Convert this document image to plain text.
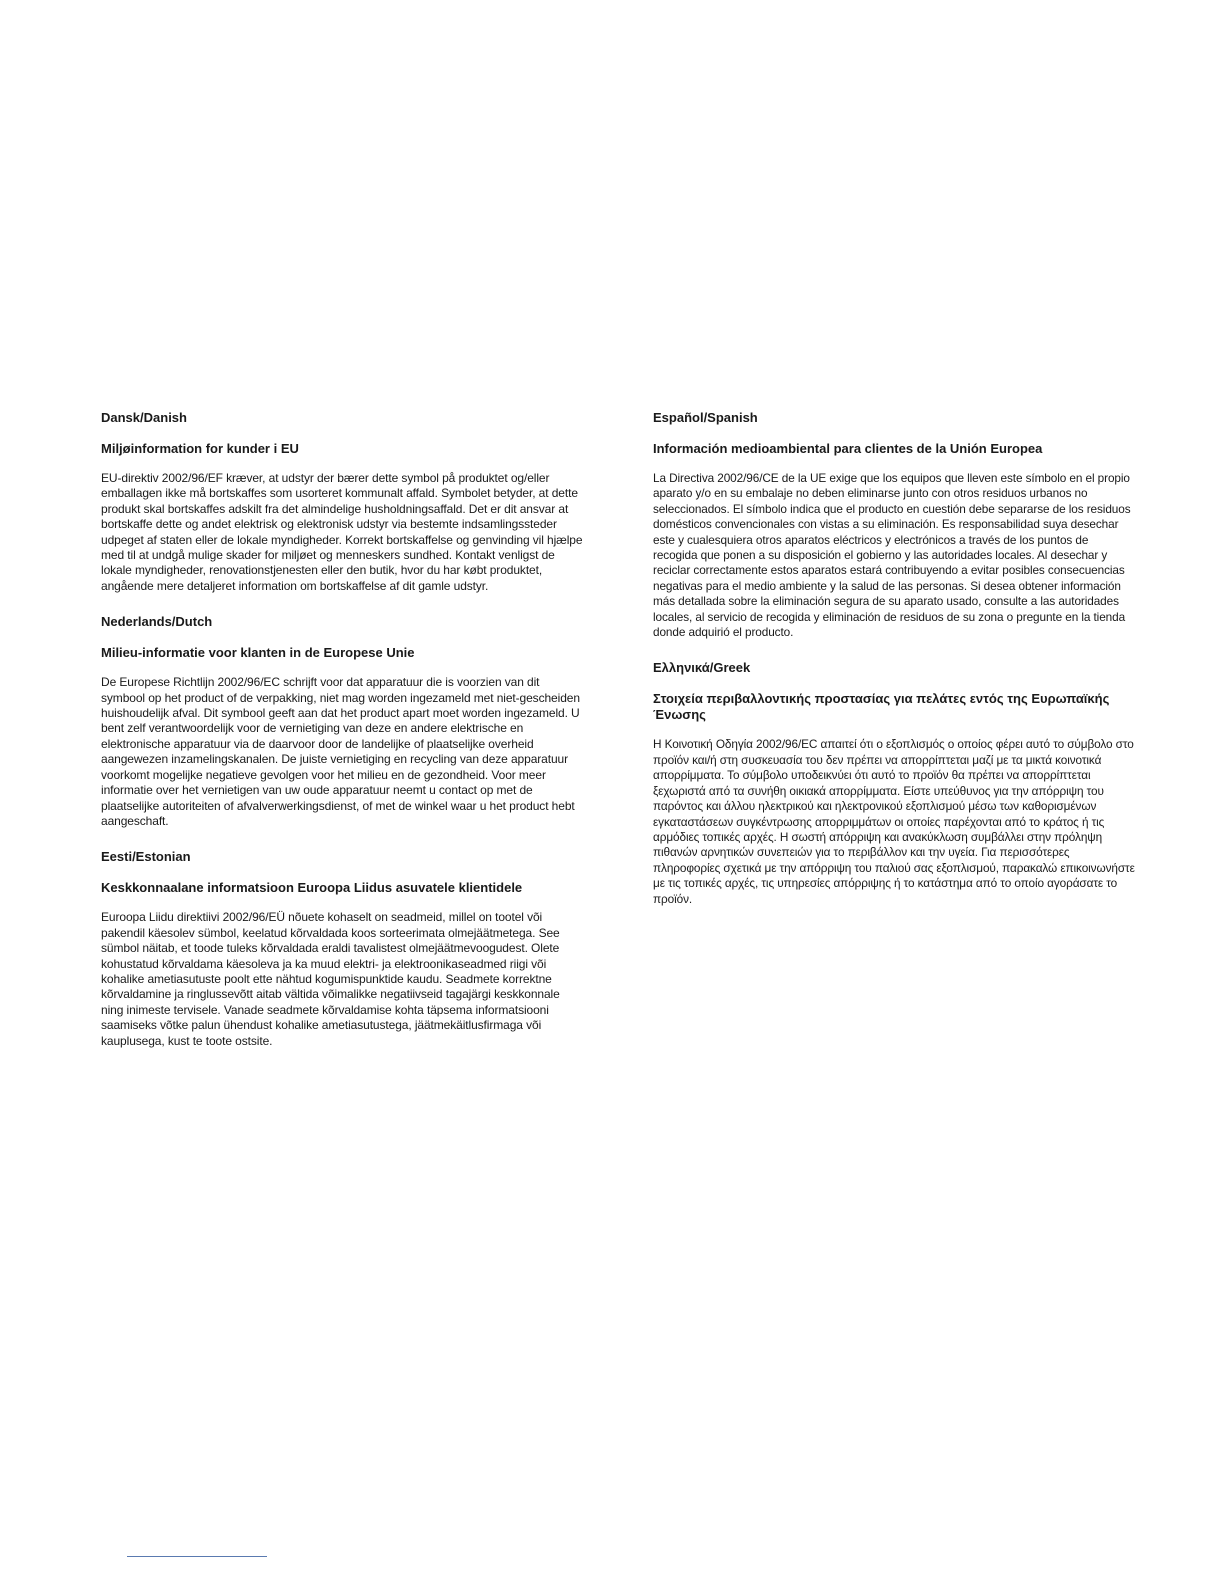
Dansk/Danish

Miljøinformation for kunder i EU

EU-direktiv 2002/96/EF kræver, at udstyr der bærer dette symbol på produktet og/eller emballagen ikke må bortskaffes som usorteret kommunalt affald. Symbolet betyder, at dette produkt skal bortskaffes adskilt fra det almindelige husholdningsaffald. Det er dit ansvar at bortskaffe dette og andet elektrisk og elektronisk udstyr via bestemte indsamlingssteder udpeget af staten eller de lokale myndigheder. Korrekt bortskaffelse og genvinding vil hjælpe med til at undgå mulige skader for miljøet og menneskers sundhed. Kontakt venligst de lokale myndigheder, renovationstjenesten eller den butik, hvor du har købt produktet, angående mere detaljeret information om bortskaffelse af dit gamle udstyr.

Nederlands/Dutch

Milieu-informatie voor klanten in de Europese Unie

De Europese Richtlijn 2002/96/EC schrijft voor dat apparatuur die is voorzien van dit symbool op het product of de verpakking, niet mag worden ingezameld met niet-gescheiden huishoudelijk afval. Dit symbool geeft aan dat het product apart moet worden ingezameld. U bent zelf verantwoordelijk voor de vernietiging van deze en andere elektrische en elektronische apparatuur via de daarvoor door de landelijke of plaatselijke overheid aangewezen inzamelingskanalen. De juiste vernietiging en recycling van deze apparatuur voorkomt mogelijke negatieve gevolgen voor het milieu en de gezondheid. Voor meer informatie over het vernietigen van uw oude apparatuur neemt u contact op met de plaatselijke autoriteiten of afvalverwerkingsdienst, of met de winkel waar u het product hebt aangeschaft.

Eesti/Estonian

Keskkonnaalane informatsioon Euroopa Liidus asuvatele klientidele

Euroopa Liidu direktiivi 2002/96/EÜ nõuete kohaselt on seadmeid, millel on tootel või pakendil käesolev sümbol, keelatud kõrvaldada koos sorteerimata olmejäätmetega. See sümbol näitab, et toode tuleks kõrvaldada eraldi tavalistest olmejäätmevoogudest. Olete kohustatud kõrvaldama käesoleva ja ka muud elektri- ja elektroonikaseadmed riigi või kohalike ametiasutuste poolt ette nähtud kogumispunktide kaudu. Seadmete korrektne kõrvaldamine ja ringlussevõtt aitab vältida võimalikke negatiivseid tagajärgi keskkonnale ning inimeste tervisele. Vanade seadmete kõrvaldamise kohta täpsema informatsiooni saamiseks võtke palun ühendust kohalike ametiasutustega, jäätmekäitlusfirmaga või kauplusega, kust te toote ostsite.

Español/Spanish

Información medioambiental para clientes de la Unión Europea

La Directiva 2002/96/CE de la UE exige que los equipos que lleven este símbolo en el propio aparato y/o en su embalaje no deben eliminarse junto con otros residuos urbanos no seleccionados. El símbolo indica que el producto en cuestión debe separarse de los residuos domésticos convencionales con vistas a su eliminación. Es responsabilidad suya desechar este y cualesquiera otros aparatos eléctricos y electrónicos a través de los puntos de recogida que ponen a su disposición el gobierno y las autoridades locales. Al desechar y reciclar correctamente estos aparatos estará contribuyendo a evitar posibles consecuencias negativas para el medio ambiente y la salud de las personas. Si desea obtener información más detallada sobre la eliminación segura de su aparato usado, consulte a las autoridades locales, al servicio de recogida y eliminación de residuos de su zona o pregunte en la tienda donde adquirió el producto.

Ελληνικά/Greek

Στοιχεία περιβαλλοντικής προστασίας για πελάτες εντός της Ευρωπαϊκής Ένωσης

Η Κοινοτική Οδηγία 2002/96/EC απαιτεί ότι ο εξοπλισμός ο οποίος φέρει αυτό το σύμβολο στο προϊόν και/ή στη συσκευασία του δεν πρέπει να απορρίπτεται μαζί με τα μικτά κοινοτικά απορρίμματα. Το σύμβολο υποδεικνύει ότι αυτό το προϊόν θα πρέπει να απορρίπτεται ξεχωριστά από τα συνήθη οικιακά απορρίμματα. Είστε υπεύθυνος για την απόρριψη του παρόντος και άλλου ηλεκτρικού και ηλεκτρονικού εξοπλισμού μέσω των καθορισμένων εγκαταστάσεων συγκέντρωσης απορριμμάτων οι οποίες παρέχονται από το κράτος ή τις αρμόδιες τοπικές αρχές. Η σωστή απόρριψη και ανακύκλωση συμβάλλει στην πρόληψη πιθανών αρνητικών συνεπειών για το περιβάλλον και την υγεία. Για περισσότερες πληροφορίες σχετικά με την απόρριψη του παλιού σας εξοπλισμού, παρακαλώ επικοινωνήστε με τις τοπικές αρχές, τις υπηρεσίες απόρριψης ή το κατάστημα από το οποίο αγοράσατε το προϊόν.
